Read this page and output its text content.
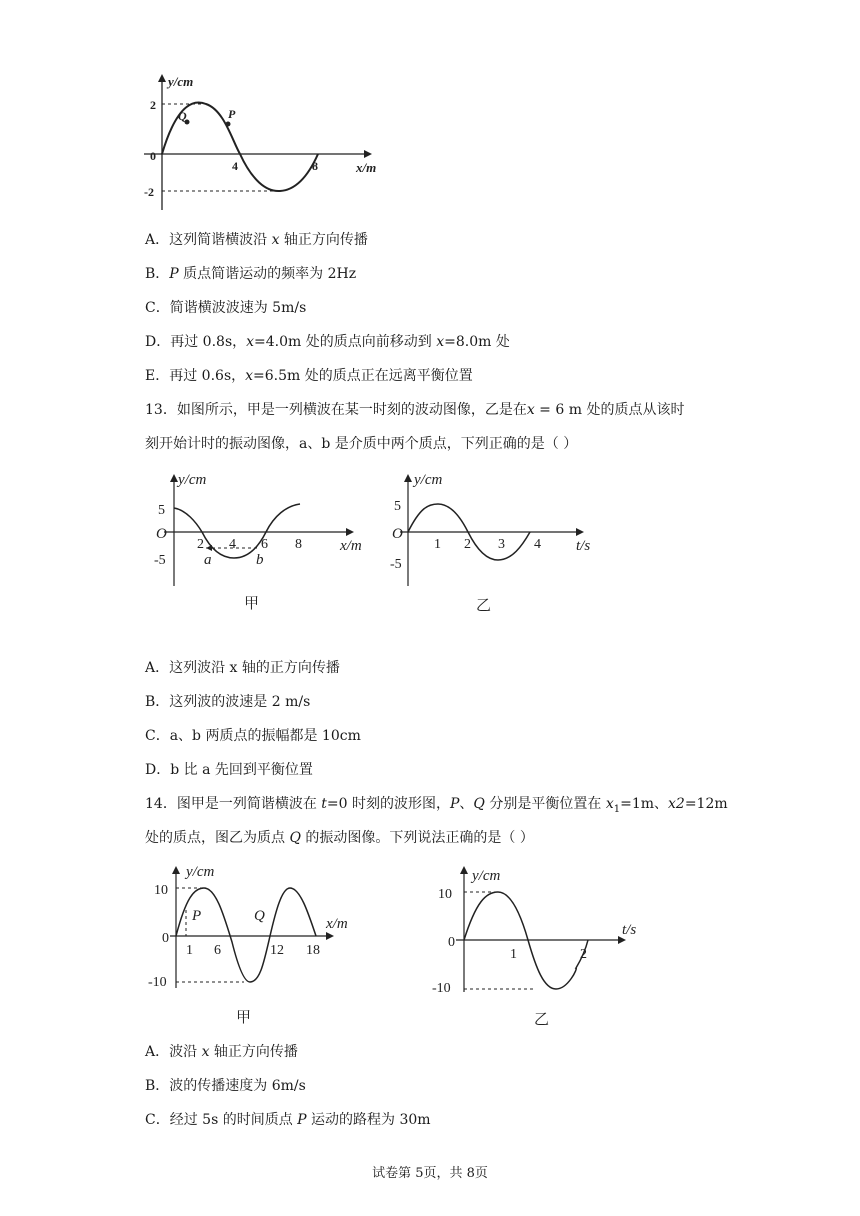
y/cm
x/m
0
2
-2
4	8
Q	P
A．这列简谐横波沿 x 轴正方向传播
B．P 质点简谐运动的频率为 2Hz
C．简谐横波波速为 5m/s
D．再过 0.8s，x=4.0m 处的质点向前移动到 x=8.0m 处
E．再过 0.6s，x=6.5m 处的质点正在远离平衡位置
13．如图所示，甲是一列横波在某一时刻的波动图像，乙是在x = 6 m 处的质点从该时
刻开始计时的振动图像，a、b 是介质中两个质点，下列正确的是（ ）
y/cm
x/m
O
5
-5
2 4 6 8
a	b
甲
y/cm
t/s
O
5
-5
1 2 3 4
乙
A．这列波沿 x 轴的正方向传播
B．这列波的波速是 2 m/s
C．a、b 两质点的振幅都是 10cm
D．b 比 a 先回到平衡位置
14．图甲是一列简谐横波在 t=0 时刻的波形图，P、Q 分别是平衡位置在 $x_1=1m$、x2=12m
处的质点，图乙为质点 Q 的振动图像。下列说法正确的是（ ）
y/cm
x/m
10
0
-10
1 6	12 18
P	Q
甲
y/cm
t/s
10
0
-10
1	2
乙
A．波沿 x 轴正方向传播
B．波的传播速度为 6m/s
C．经过 5s 的时间质点 P 运动的路程为 30m
试卷第 5页，共 8页
